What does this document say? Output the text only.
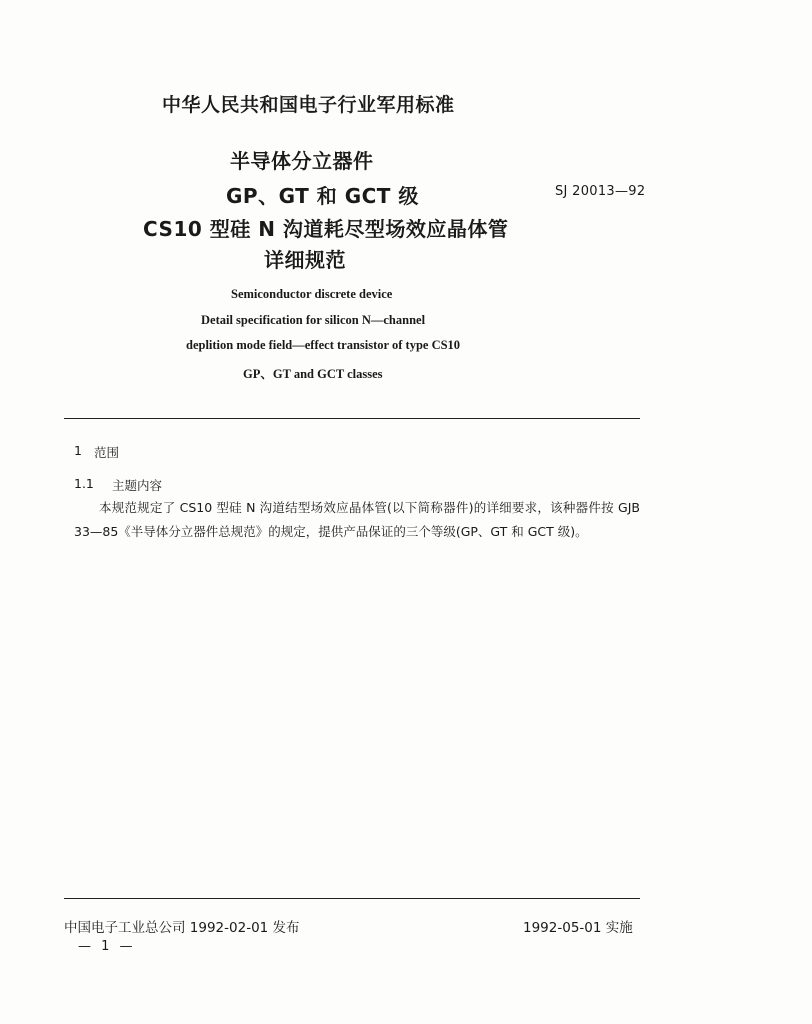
中华人民共和国电子行业军用标准
半导体分立器件
GP、GT 和 GCT 级
CS10 型硅 N 沟道耗尽型场效应晶体管
详细规范
SJ 20013—92
Semiconductor discrete device
Detail specification for silicon N—channel
deplition mode field—effect transistor of type CS10
GP、GT and GCT classes
1 范围
1.1 主题内容
本规范规定了 CS10 型硅 N 沟道结型场效应晶体管(以下简称器件)的详细要求，该种器件按 GJB 33—85《半导体分立器件总规范》的规定，提供产品保证的三个等级(GP、GT 和 GCT 级)。
中国电子工业总公司 1992-02-01 发布	1992-05-01 实施
— 1 —
